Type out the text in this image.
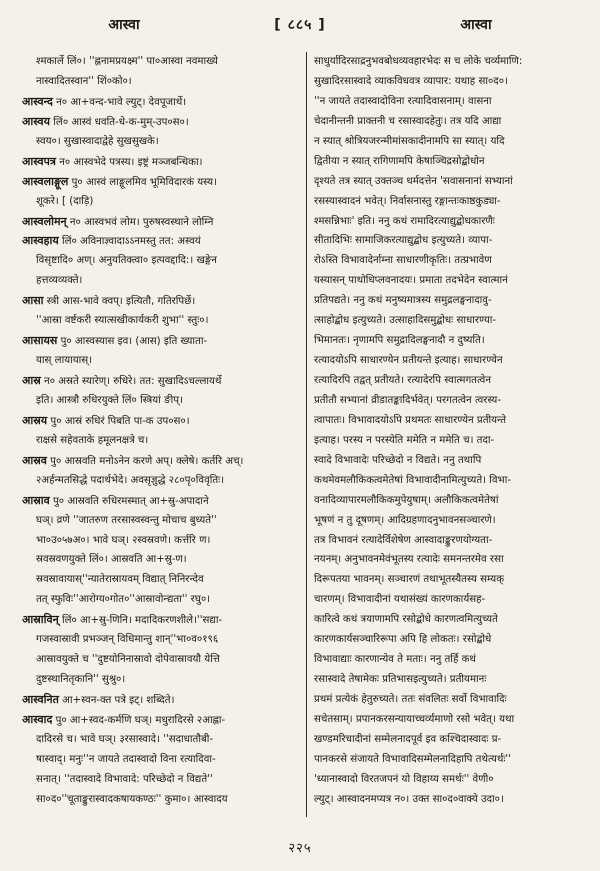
आस्वा	[ ८८५ ]	आस्वा
श्मकार्ले लिं०। ''ह्लनामप्रयक्ष्म'' पा०आस्वा नवमाख्ये
नास्वादितस्वान'' शिं०को०।
आस्वन्द न० आ+वन्द-भावे ल्युट्। देवपूजार्थे।
आस्वय लिं० आस्वं धवति-धे-क-मुम्-उप०स०।
स्वय०। सुखास्वादाद्वेहे सुखसुखके।
आस्वपत्र न० आस्वभेदे पत्रस्य। इष्ट्रं मञ्जबन्धिका।
आस्वलाङ्गूल पु० आस्वं लाङ्गूलमिव भूमिविदारकं यस्य।
शूकरे। [ (दाड़ि)
आस्वलोमन् न० आस्वभवं लोम। पुरुषस्वस्थाने लोम्नि
आस्वहाय लिं० अविनाज्ञ्वादाऽऽनमस्तु तत: अस्वयं
विसृष्टादि० अण्। अनुयतिक्त्वा० इत्पवद्दादि:। खङ्गेन
हत्तव्यव्यक्ते।
आसा स्त्री आस-भावे क्वप्। इत्यितौ, गतिरपिर्छे।
''आस्रा वर्ष्टकरी स्यात्सखीकार्यकरी शुभा'' स्तुः०।
आसायस पु० आस्वस्यास इव। (आस) इति ख्याता-
यास् लायायास्।
आस्र न० अस्रते स्यारेण्। रुधिरे। तत: सुखादिऽचल्लायर्थे
इति। आस्त्रौ रुधिरयुक्ते लिं० स्त्रियां ङीप्।
आस्रय पु० आस्रं रुधिरं पिबति पा-क उप०स०।
राक्षसे सहेवताके हमूलनक्षत्रे च।
आस्रव पु० आस्रवति मनोऽनेन करणे अप्। क्लेषे। कर्तरि अच्।
२अर्हन्मतसिद्धे पदार्थभेदे। अवसृज्ञुद्धे २८०पृ०विवृतिः।
आस्राव पु० आस्रवति रुधिरमस्मात् आ+स्रु-अपादाने
घञ्। व्रणे ''जातरुण तरसास्वस्वन्तु मोचाच बुध्यते''
भा०उ०५७अ०। भावे घञ्। २स्वस्रवणे। कर्त्तरि ण।
स्रवस्रवणयुक्ते लिं०। आस्रवति आ+स्रु-ण।
स्रवस्रावायास्''न्यातेरास्रायवम् विद्यात् निनिरन्देव
तत् स्फुविः''आरोग्य०गोत०''आस्रावोन्द्यता'' रघु०।
आस्राविन् लिं० आ+स्रु-णिनि। मदादिकरणशीले।''सद्या-
गजस्वास्रावी प्रभञ्जन् विधिमान्तु शान्''भा०व०१९६
आस्रावयुक्ते च ''दुष्टयोनिनास्रावो दोपेवास्रावयौ येत्ति
दुष्टस्थानितृकानि'' सुश्रु०।
आस्वनित आ+स्वन-क्त पत्रे इट्। शब्दिते।
आस्वाद पु० आ+स्वद-कर्मणि घञ्। मधुरादिरसे २आह्ला-
दादिरसे च। भावे घञ्। ३रसास्वादे। ''सदाधातौबी-
षास्वाद्। मनुः''न जायते तदास्वादो विना रत्यादिवा-
सनात्। ''तदास्वादे विभावादे: परिच्छेदो न विद्यते''
सा०द०''चूताङ्कुरास्वादकषायकण्ठः'' कुमा०। आस्वादय
साधुर्यादिरसाद्रनुभवबोधव्यवहारभेदः स च लोके चर्व्यमाणि:
सुखादिरसास्वादे व्याकविधवत्र व्यापार: यथाह सा०द०।
''न जायते तदास्वादोविना रत्यादिवासनाम्। वासना
चेदानीन्तनी प्राक्तनी च रसास्वादहेतुः। तत्र यदि आद्या
न स्यात् श्रोत्रियजरन्मीमांसकादीनामपि सा स्यात्। यदि
द्वितीया न स्यात् रागिणामपि केषाञ्चिद्रसोद्बोधोन
दृश्यते तत्र स्यात् उक्तञ्च धर्मदत्तेन 'सवासनानां सभ्यानां
रसस्यास्वादनं भवेत्। निर्वासनास्तु रङ्गान्तःकाष्ठकुड्या-
श्मसन्निभाः' इति। ननु कथं रामादिरत्याद्युद्बोधकारणैः
सीतादिभिः सामाजिकरत्याद्युद्बोध इत्युच्यते। व्यापा-
रोऽस्ति विभावादेर्नाम्ना साधारणीकृतिः। तत्प्रभावेण
यस्यासन् पाथोधिप्लवनादयः। प्रमाता तदभेदेन स्वात्मानं
प्रतिपद्यते। ननु कथं मनुष्यमात्रस्य समुद्रलङ्घनादावु-
त्साहोद्बोध इत्युच्यते। उत्साहादिसमुद्बोधः साधारण्या-
भिमानतः। नृणामपि समुद्रादिलङ्घनादौ न दुष्यति।
रत्यादयोऽपि साधारण्येन प्रतीयन्ते इत्याह। साधारण्येन
रत्यादिरपि तद्वत् प्रतीयते। रत्यादेरपि स्वात्मगतत्वेन
प्रतीतौ सभ्यानां व्रीडातङ्कादिर्भवेत्। परगतत्वेन त्वरस्य-
त्वापातः। विभावादयोऽपि प्रथमतः साधारण्येन प्रतीयन्ते
इत्याह। परस्य न परस्येति ममेति न ममेति च। तदा-
स्वादे विभावादेः परिच्छेदो न विद्यते। ननु तथापि
कथमेवमलौकिकत्वमेतेषां विभावादीनामित्युच्यते। विभा-
वनादिव्यापारमलौकिकमुपेयुषाम्। अलौकिकत्वमेतेषां
भूषणं न तु दूषणम्। आदिग्रहणादनुभावनसञ्चारणे।
तत्र विभावनं रत्यादेर्विशेषेण आस्वादाङ्कुरणयोग्यता-
नयनम्। अनुभावनमेवंभूतस्य रत्यादेः समनन्तरमेव रसा
दिरूपतया भावनम्। सञ्चारणं तथाभूतस्यैतस्य सम्यक्
चारणम्। विभावादीनां यथासंख्यं कारणकार्यसह-
कारित्वे कथं त्रयाणामपि रसोद्बोधे कारणत्वमित्युच्यते
कारणकार्यसञ्चारिरूपा अपि हि लोकतः। रसोद्बोधे
विभावाद्याः कारणान्येव ते मताः। ननु तर्हि कथं
रसास्वादे तेषामेकः प्रतिभासइत्युच्यते। प्रतीयमानः
प्रथमं प्रत्येकं हेतुरुच्यते। ततः संवलितः सर्वो विभावादिः
सचेतसाम्। प्रपानकरसन्यायाच्चर्व्यमाणो रसो भवेत्। यथा
खण्डमरिचादीनां सम्मेलनादपूर्व इव कश्चिदास्वादः प्र-
पानकरसे संजायते विभावादिसम्मेलनादिहापि तथेत्यर्थः''
'ध्यानास्वादो विरतजपनं यो विहाय्य समर्थः'' वेणी०
ल्युट्। आस्वादनमप्यत्र न०। उक्त सा०द०वाक्ये उदा०।
२२५
